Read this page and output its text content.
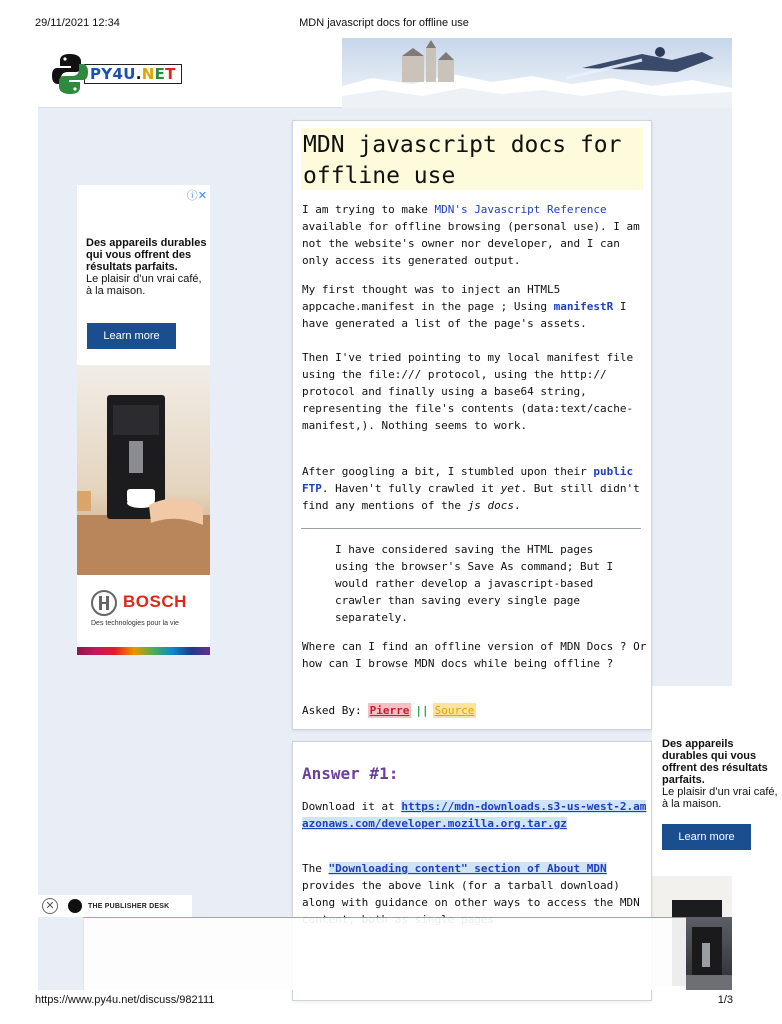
29/11/2021 12:34	MDN javascript docs for offline use
P Y 4 U . N E T
ⓘ✕
Des appareils durables qui vous offrent des résultats parfaits.
Le plaisir d’un vrai café, à la maison.
Learn more
BOSCH
Des technologies pour la vie
Des appareils durables qui vous offrent des résultats parfaits.
Le plaisir d’un vrai café, à la maison.
Learn more
MDN javascript docs for offline use

I am trying to make MDN's Javascript Reference available for offline browsing (personal use). I am not the website's owner nor developer, and I can only access its generated output.

My first thought was to inject an HTML5 appcache.manifest in the page ; Using manifestR I have generated a list of the page's assets.

Then I've tried pointing to my local manifest file using the file:/// protocol, using the http:// protocol and finally using a base64 string, representing the file's contents (data:text/cache-manifest,). Nothing seems to work.

After googling a bit, I stumbled upon their public FTP. Haven't fully crawled it yet. But still didn't find any mentions of the js docs.

I have considered saving the HTML pages using the browser's Save As command; But I would rather develop a javascript-based crawler than saving every single page separately.

Where can I find an offline version of MDN Docs ? Or how can I browse MDN docs while being offline ?

Asked By: Pierre || Source
Answer #1:

Download it at https://mdn-downloads.s3-us-west-2.amazonaws.com/developer.mozilla.org.tar.gz

The "Downloading content" section of About MDN provides the above link (for a tarball download) along with guidance on other ways to access the MDN

✕	THE PUBLISHER DESK
https://www.py4u.net/discuss/982111	1/3
